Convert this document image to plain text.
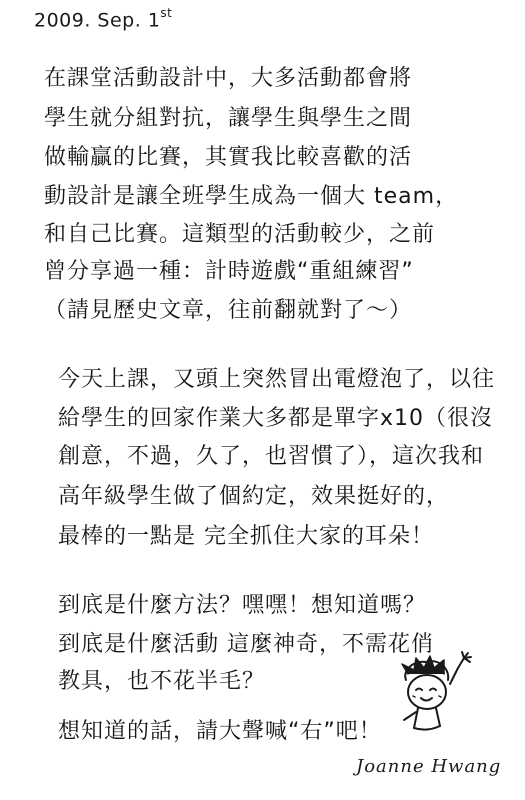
2009. Sep. 1st
在課堂活動設計中，大多活動都會將
學生就分組對抗，讓學生與學生之間
做輸贏的比賽，其實我比較喜歡的活
動設計是讓全班學生成為一個大 team，
和自己比賽。這類型的活動較少，之前
曾分享過一種：計時遊戲“重組練習”
（請見歷史文章，往前翻就對了～）
今天上課，又頭上突然冒出電燈泡了，以往
給學生的回家作業大多都是單字x10（很沒
創意，不過，久了，也習慣了），這次我和
高年級學生做了個約定，效果挺好的，
最棒的一點是 完全抓住大家的耳朵！
到底是什麼方法？嘿嘿！想知道嗎？
到底是什麼活動 這麼神奇，不需花俏
教具，也不花半毛？
想知道的話，請大聲喊“右”吧！
Joanne Hwang
